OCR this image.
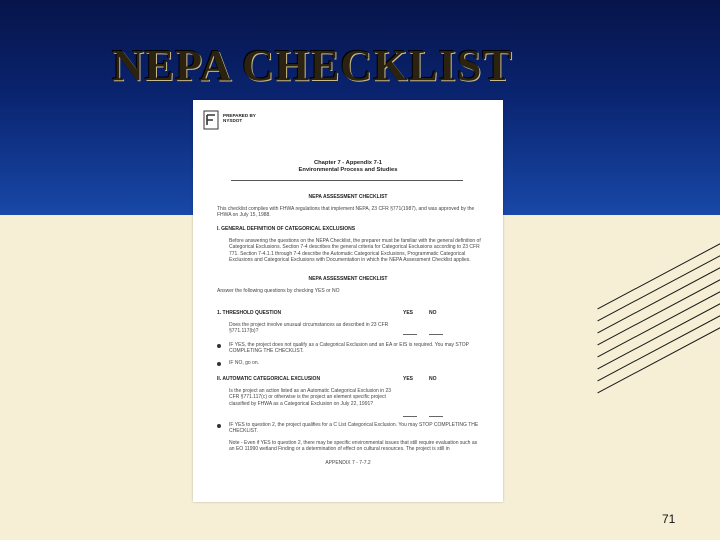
NEPA CHECKLIST
PREPARED BY
NYSDOT
Chapter 7 - Appendix 7-1
Environmental Process and Studies
NEPA ASSESSMENT CHECKLIST
This checklist complies with FHWA regulations that implement NEPA, 23 CFR §771(1987), and was approved by the FHWA on July 15, 1988.
I. GENERAL DEFINITION OF CATEGORICAL EXCLUSIONS
Before answering the questions on the NEPA Checklist, the preparer must be familiar with the general definition of Categorical Exclusions. Section 7-4 describes the general criteria for Categorical Exclusions according to 23 CFR 771. Section 7-4.1.1 through 7-4 describe the Automatic Categorical Exclusions, Programmatic Categorical Exclusions and Categorical Exclusions with Documentation in which the NEPA Assessment Checklist applies.
NEPA ASSESSMENT CHECKLIST
Answer the following questions by checking YES or NO
1. THRESHOLD QUESTION	YES	NO
Does the project involve unusual circumstances as described in 23 CFR §771.117(b)?
IF YES, the project does not qualify as a Categorical Exclusion and an EA or EIS is required. You may STOP COMPLETING THE CHECKLIST.
IF NO, go on.
II. AUTOMATIC CATEGORICAL EXCLUSION	YES	NO
Is the project an action listed as an Automatic Categorical Exclusion in 23 CFR §771.117(c) or otherwise is the project an element specific project classified by FHWA as a Categorical Exclusion on July 22, 1991?
IF YES to question 2, the project qualifies for a C List Categorical Exclusion. You may STOP COMPLETING THE CHECKLIST.
Note - Even if YES to question 2, there may be specific environmental issues that still require evaluation such as an EO 11990 wetland Finding or a determination of effect on cultural resources. The project is still in
APPENDIX 7 - 7-7.2
71
